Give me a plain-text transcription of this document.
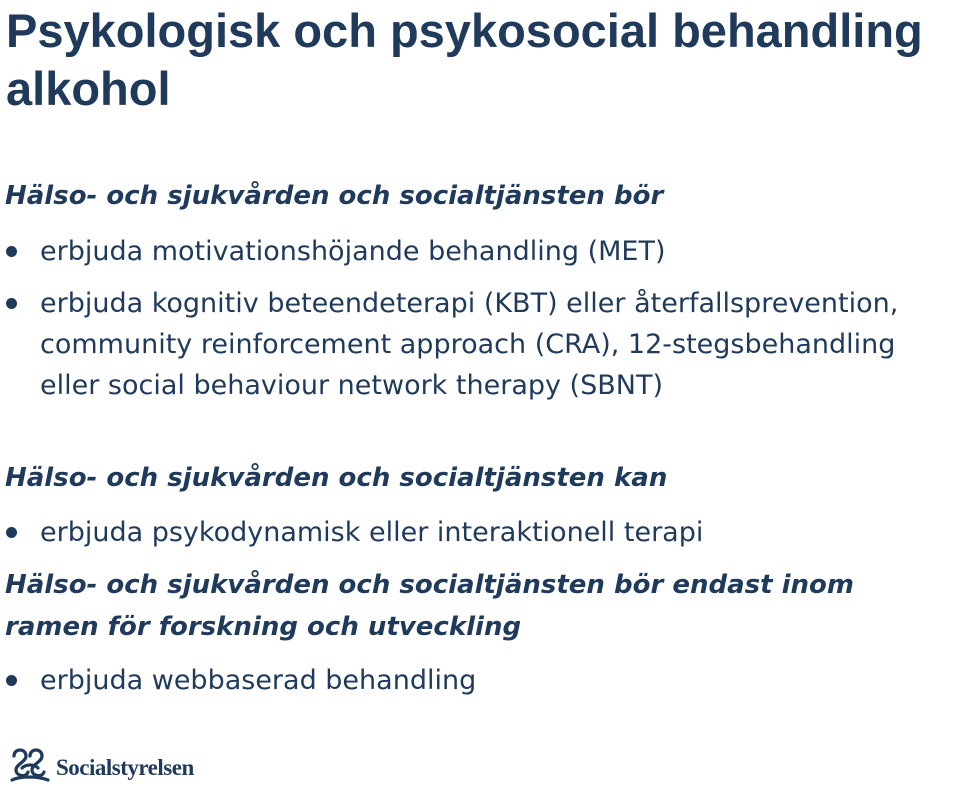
Psykologisk och psykosocial behandling alkohol

Hälso- och sjukvården och socialtjänsten bör

erbjuda motivationshöjande behandling (MET)
erbjuda kognitiv beteendeterapi (KBT) eller återfallsprevention, community reinforcement approach (CRA), 12-stegsbehandling eller social behaviour network therapy (SBNT)

Hälso- och sjukvården och socialtjänsten kan

erbjuda psykodynamisk eller interaktionell terapi

Hälso- och sjukvården och socialtjänsten bör endast inom ramen för forskning och utveckling

erbjuda webbaserad behandling
Socialstyrelsen
